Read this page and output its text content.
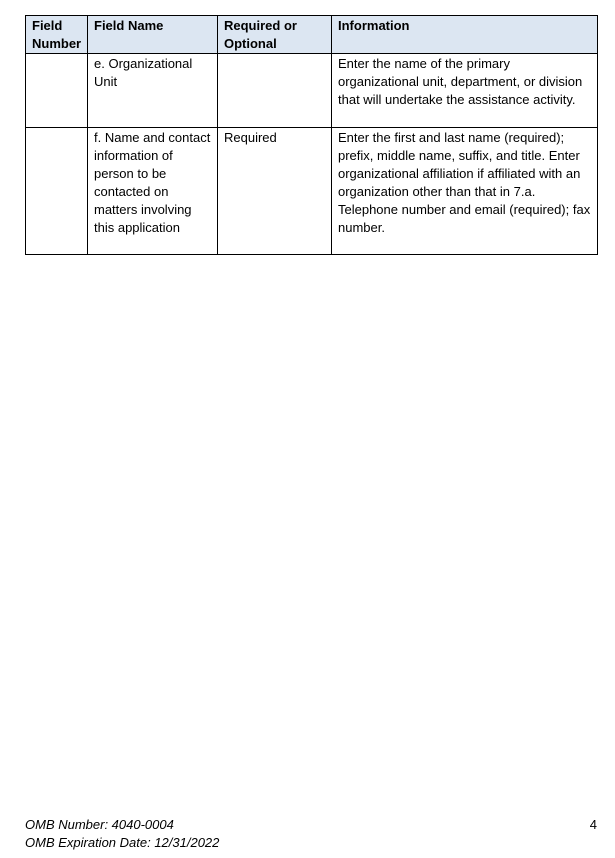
Field Number	Field Name	Required or Optional	Information
	e. Organizational Unit		Enter the name of the primary organizational unit, department, or division that will undertake the assistance activity.
	f. Name and contact information of person to be contacted on matters involving this application	Required	Enter the first and last name (required); prefix, middle name, suffix, and title. Enter organizational affiliation if affiliated with an organization other than that in 7.a. Telephone number and email (required); fax number.
OMB Number: 4040-0004
OMB Expiration Date: 12/31/2022
4
